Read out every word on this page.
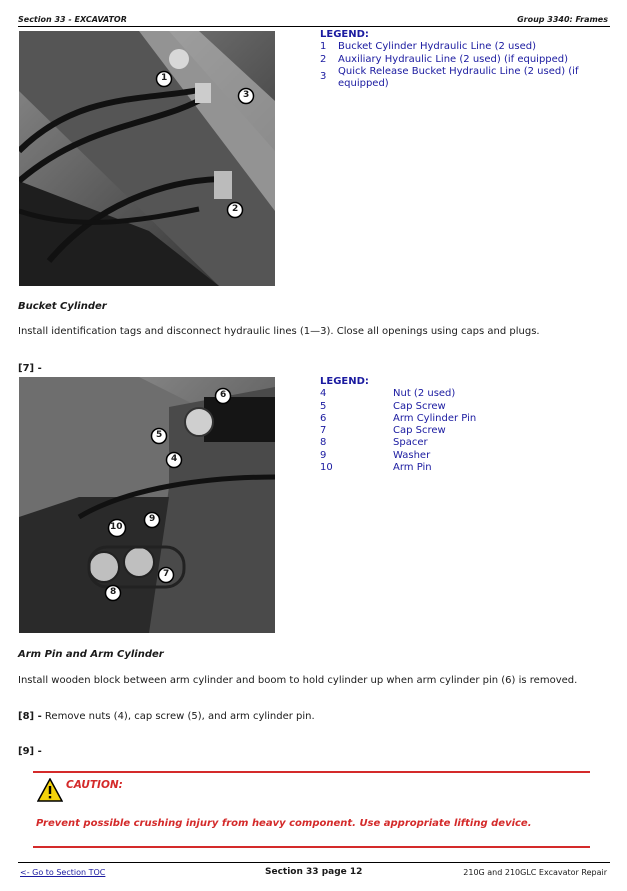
Section 33 - EXCAVATOR	Group 3340: Frames
1
2
3
LEGEND:
1	Bucket Cylinder Hydraulic Line (2 used)
2	Auxiliary Hydraulic Line (2 used) (if equipped)
3	Quick Release Bucket Hydraulic Line (2 used) (if
equipped)
Bucket Cylinder
Install identification tags and disconnect hydraulic lines (1—3). Close all openings using caps and plugs.
[7] -
6
5
4
9
10
7
8
LEGEND:
4	Nut (2 used)
5	Cap Screw
6	Arm Cylinder Pin
7	Cap Screw
8	Spacer
9	Washer
10	Arm Pin
Arm Pin and Arm Cylinder
Install wooden block between arm cylinder and boom to hold cylinder up when arm cylinder pin (6) is removed.
[8] - Remove nuts (4), cap screw (5), and arm cylinder pin.
[9] -
CAUTION:
Prevent possible crushing injury from heavy component. Use appropriate lifting device.
<- Go to Section TOC	Section 33 page 12	210G and 210GLC Excavator Repair
